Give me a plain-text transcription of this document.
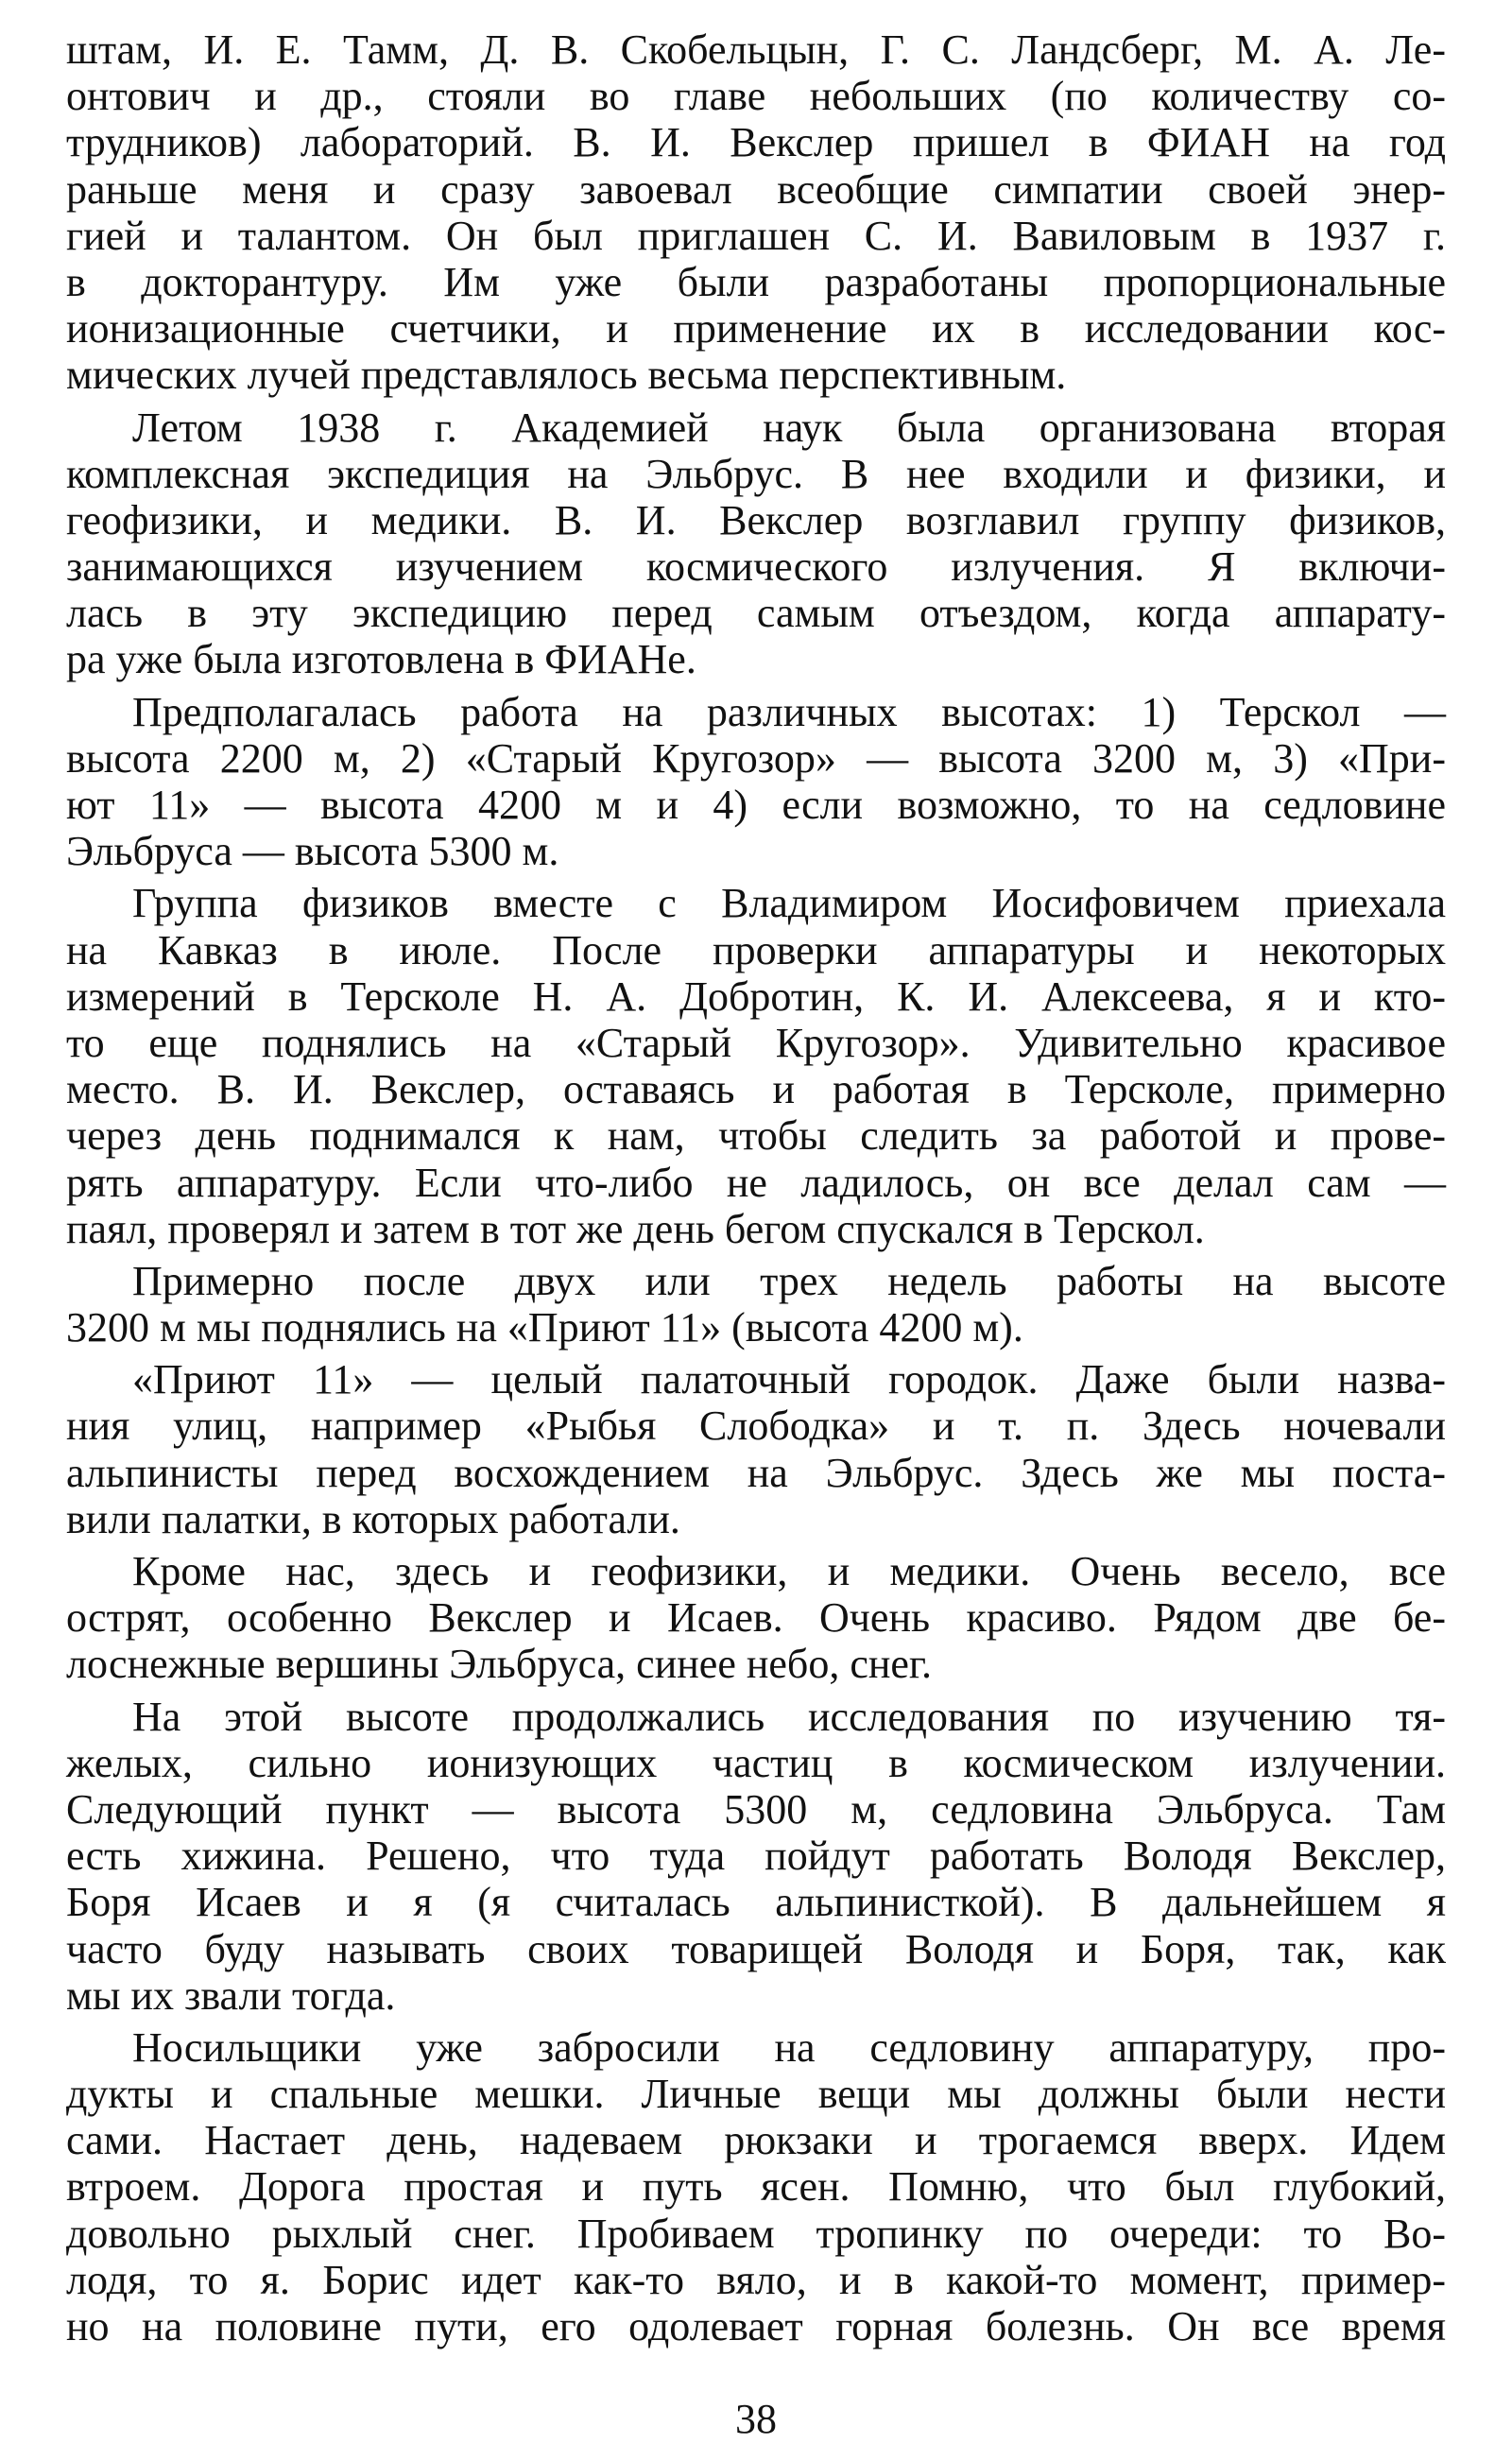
штам, И. Е. Тамм, Д. В. Скобельцын, Г. С. Ландсберг, М. А. Ле-
онтович и др., стояли во главе небольших (по количеству со-
трудников) лабораторий. В. И. Векслер пришел в ФИАН на год
раньше меня и сразу завоевал всеобщие симпатии своей энер-
гией и талантом. Он был приглашен С. И. Вавиловым в 1937 г.
в докторантуру. Им уже были разработаны пропорциональные
ионизационные счетчики, и применение их в исследовании кос-
мических лучей представлялось весьма перспективным.
Летом 1938 г. Академией наук была организована вторая
комплексная экспедиция на Эльбрус. В нее входили и физики, и
геофизики, и медики. В. И. Векслер возглавил группу физиков,
занимающихся изучением космического излучения. Я включи-
лась в эту экспедицию перед самым отъездом, когда аппарату-
ра уже была изготовлена в ФИАНе.
Предполагалась работа на различных высотах: 1) Терскол —
высота 2200 м, 2) «Старый Кругозор» — высота 3200 м, 3) «При-
ют 11» — высота 4200 м и 4) если возможно, то на седловине
Эльбруса — высота 5300 м.
Группа физиков вместе с Владимиром Иосифовичем приехала
на Кавказ в июле. После проверки аппаратуры и некоторых
измерений в Терсколе Н. А. Добротин, К. И. Алексеева, я и кто-
то еще поднялись на «Старый Кругозор». Удивительно красивое
место. В. И. Векслер, оставаясь и работая в Терсколе, примерно
через день поднимался к нам, чтобы следить за работой и прове-
рять аппаратуру. Если что-либо не ладилось, он все делал сам —
паял, проверял и затем в тот же день бегом спускался в Терскол.
Примерно после двух или трех недель работы на высоте
3200 м мы поднялись на «Приют 11» (высота 4200 м).
«Приют 11» — целый палаточный городок. Даже были назва-
ния улиц, например «Рыбья Слободка» и т. п. Здесь ночевали
альпинисты перед восхождением на Эльбрус. Здесь же мы поста-
вили палатки, в которых работали.
Кроме нас, здесь и геофизики, и медики. Очень весело, все
острят, особенно Векслер и Исаев. Очень красиво. Рядом две бе-
лоснежные вершины Эльбруса, синее небо, снег.
На этой высоте продолжались исследования по изучению тя-
желых, сильно ионизующих частиц в космическом излучении.
Следующий пункт — высота 5300 м, седловина Эльбруса. Там
есть хижина. Решено, что туда пойдут работать Володя Векслер,
Боря Исаев и я (я считалась альпинисткой). В дальнейшем я
часто буду называть своих товарищей Володя и Боря, так, как
мы их звали тогда.
Носильщики уже забросили на седловину аппаратуру, про-
дукты и спальные мешки. Личные вещи мы должны были нести
сами. Настает день, надеваем рюкзаки и трогаемся вверх. Идем
втроем. Дорога простая и путь ясен. Помню, что был глубокий,
довольно рыхлый снег. Пробиваем тропинку по очереди: то Во-
лодя, то я. Борис идет как-то вяло, и в какой-то момент, пример-
но на половине пути, его одолевает горная болезнь. Он все время
38
